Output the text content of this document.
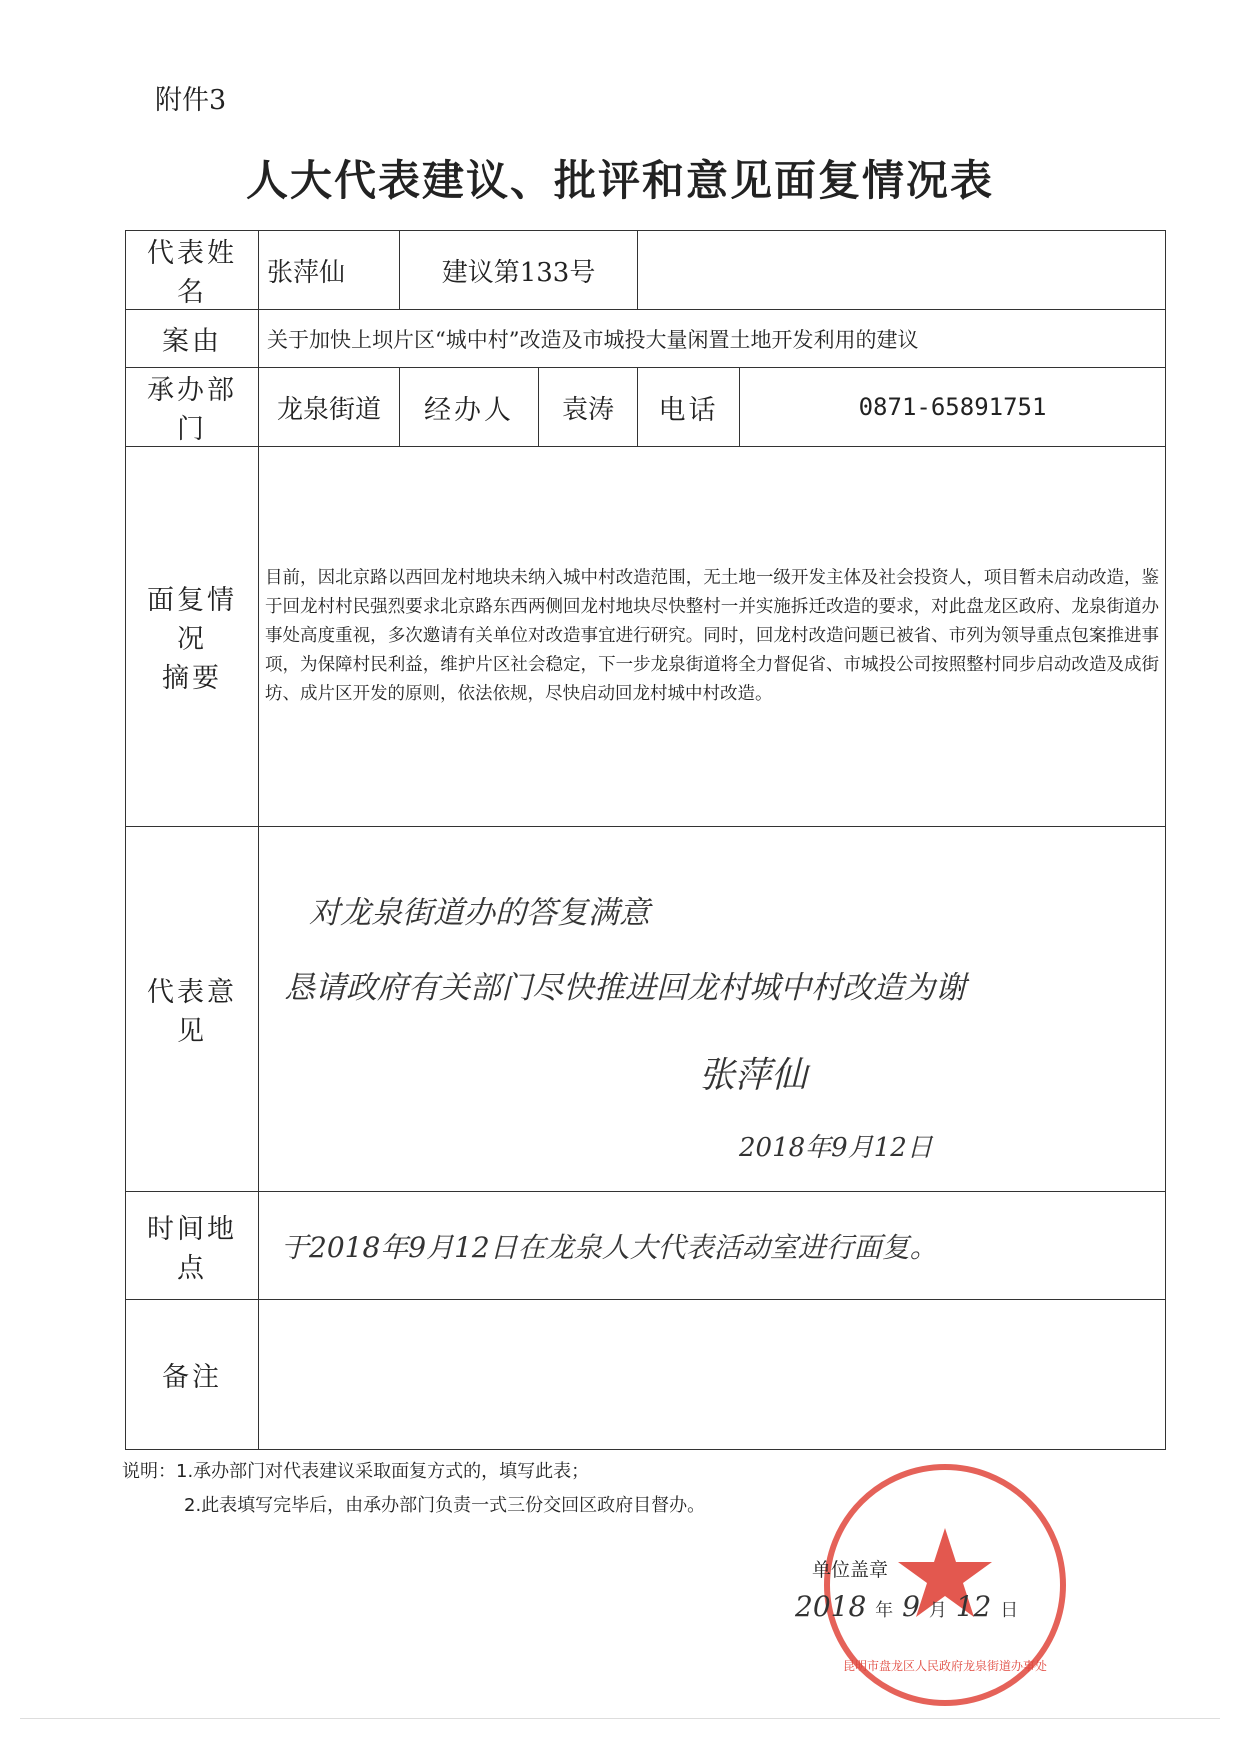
附件3
人大代表建议、批评和意见面复情况表
代表姓名	张萍仙	建议第133号			
案由	关于加快上坝片区“城中村”改造及市城投大量闲置土地开发利用的建议				
承办部门	龙泉街道	经办人	袁涛	电话	0871-65891751

面复情况
摘要	目前，因北京路以西回龙村地块未纳入城中村改造范围，无土地一级开发主体及社会投资人，项目暂未启动改造，鉴于回龙村村民强烈要求北京路东西两侧回龙村地块尽快整村一并实施拆迁改造的要求，对此盘龙区政府、龙泉街道办事处高度重视，多次邀请有关单位对改造事宜进行研究。同时，回龙村改造问题已被省、市列为领导重点包案推进事项，为保障村民利益，维护片区社会稳定，下一步龙泉街道将全力督促省、市城投公司按照整村同步启动改造及成街坊、成片区开发的原则，依法依规，尽快启动回龙村城中村改造。				
代表意见	对龙泉街道办的答复满意
恳请政府有关部门尽快推进回龙村城中村改造为谢
张萍仙
2018年9月12日				

时间地点	于2018年9月12日在龙泉人大代表活动室进行面复。				
备注					
说明：1.承办部门对代表建议采取面复方式的，填写此表；
2.此表填写完毕后，由承办部门负责一式三份交回区政府目督办。
昆明市盘龙区人民政府龙泉街道办事处
单位盖章
2018 年 9 月 12 日
